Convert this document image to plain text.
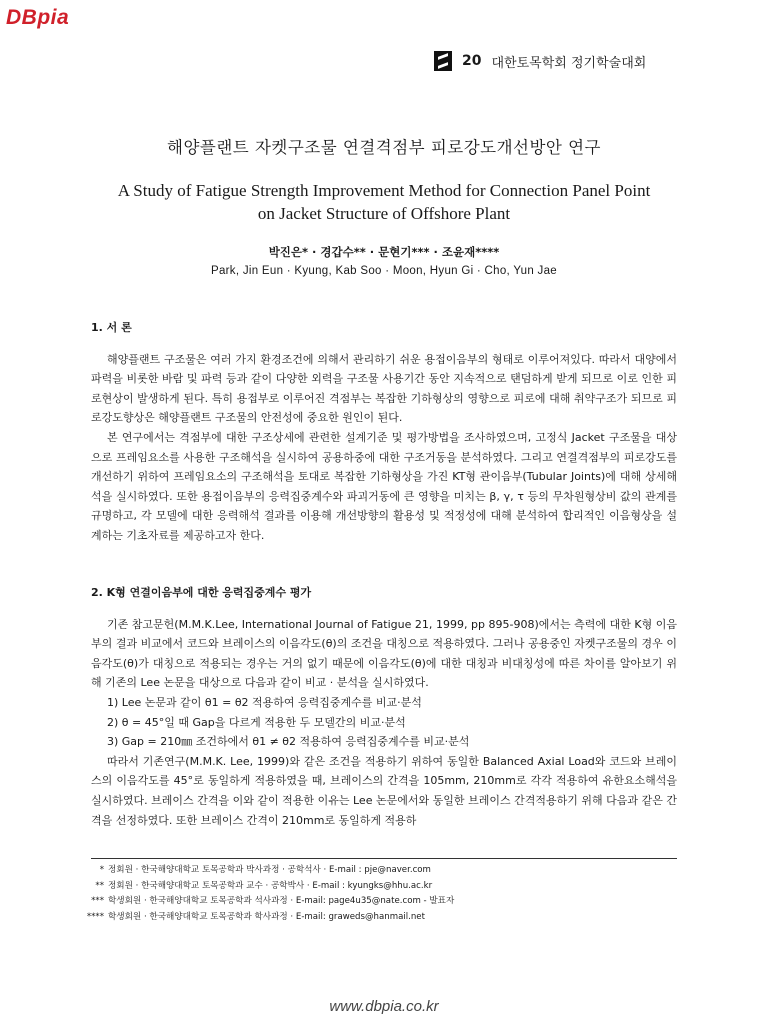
DBpia
20 대한토목학회 정기학술대회
해양플랜트 자켓구조물 연결격점부 피로강도개선방안 연구
A Study of Fatigue Strength Improvement Method for Connection Panel Point
on Jacket Structure of Offshore Plant
박진은* · 경갑수** · 문현기*** · 조윤재****
Park, Jin Eun · Kyung, Kab Soo · Moon, Hyun Gi · Cho, Yun Jae
1. 서 론

해양플랜트 구조물은 여러 가지 환경조건에 의해서 관리하기 쉬운 용접이음부의 형태로 이루어져있다. 따라서 대양에서 파력을 비롯한 바람 및 파력 등과 같이 다양한 외력을 구조물 사용기간 동안 지속적으로 탠덤하게 받게 되므로 이로 인한 피로현상이 발생하게 된다. 특히 용접부로 이루어진 격점부는 복잡한 기하형상의 영향으로 피로에 대해 취약구조가 되므로 피로강도향상은 해양플랜트 구조물의 안전성에 중요한 원인이 된다.

본 연구에서는 격점부에 대한 구조상세에 관련한 설계기준 및 평가방법을 조사하였으며, 고정식 Jacket 구조물을 대상으로 프레임요소를 사용한 구조해석을 실시하여 공용하중에 대한 구조거동을 분석하였다. 그리고 연결격점부의 피로강도를 개선하기 위하여 프레임요소의 구조해석을 토대로 복잡한 기하형상을 가진 KT형 관이음부(Tubular Joints)에 대해 상세해석을 실시하였다. 또한 용접이음부의 응력집중계수와 파괴거동에 큰 영향을 미치는 β, γ, τ 등의 무차원형상비 값의 관계를 규명하고, 각 모델에 대한 응력해석 결과를 이용해 개선방향의 활용성 및 적정성에 대해 분석하여 합리적인 이음형상을 설계하는 기초자료를 제공하고자 한다.

2. K형 연결이음부에 대한 응력집중계수 평가

기존 참고문헌(M.M.K.Lee, International Journal of Fatigue 21, 1999, pp 895-908)에서는 측력에 대한 K형 이음부의 결과 비교에서 코드와 브레이스의 이음각도(θ)의 조건을 대칭으로 적용하였다. 그러나 공용중인 자켓구조물의 경우 이음각도(θ)가 대칭으로 적용되는 경우는 거의 없기 때문에 이음각도(θ)에 대한 대칭과 비대칭성에 따른 차이를 알아보기 위해 기존의 Lee 논문을 대상으로 다음과 같이 비교 · 분석을 실시하였다.

1) Lee 논문과 같이 θ1 = θ2 적용하여 응력집중계수를 비교·분석

2) θ = 45°일 때 Gap을 다르게 적용한 두 모델간의 비교·분석

3) Gap = 210㎜ 조건하에서 θ1 ≠ θ2 적용하여 응력집중계수를 비교·분석

따라서 기존연구(M.M.K. Lee, 1999)와 같은 조건을 적용하기 위하여 동일한 Balanced Axial Load와 코드와 브레이스의 이음각도를 45°로 동일하게 적용하였을 때, 브레이스의 간격을 105mm, 210mm로 각각 적용하여 유한요소해석을 실시하였다. 브레이스 간격을 이와 같이 적용한 이유는 Lee 논문에서와 동일한 브레이스 간격적용하기 위해 다음과 같은 간격을 선정하였다. 또한 브레이스 간격이 210mm로 동일하게 적용하

* 정회원 · 한국해양대학교 토목공학과 박사과정 · 공학석사 · E-mail : pje@naver.com

** 정회원 · 한국해양대학교 토목공학과 교수 · 공학박사 · E-mail : kyungks@hhu.ac.kr

*** 학생회원 · 한국해양대학교 토목공학과 석사과정 · E-mail: page4u35@nate.com - 발표자

**** 학생회원 · 한국해양대학교 토목공학과 학사과정 · E-mail: graweds@hanmail.net

www.dbpia.co.kr
